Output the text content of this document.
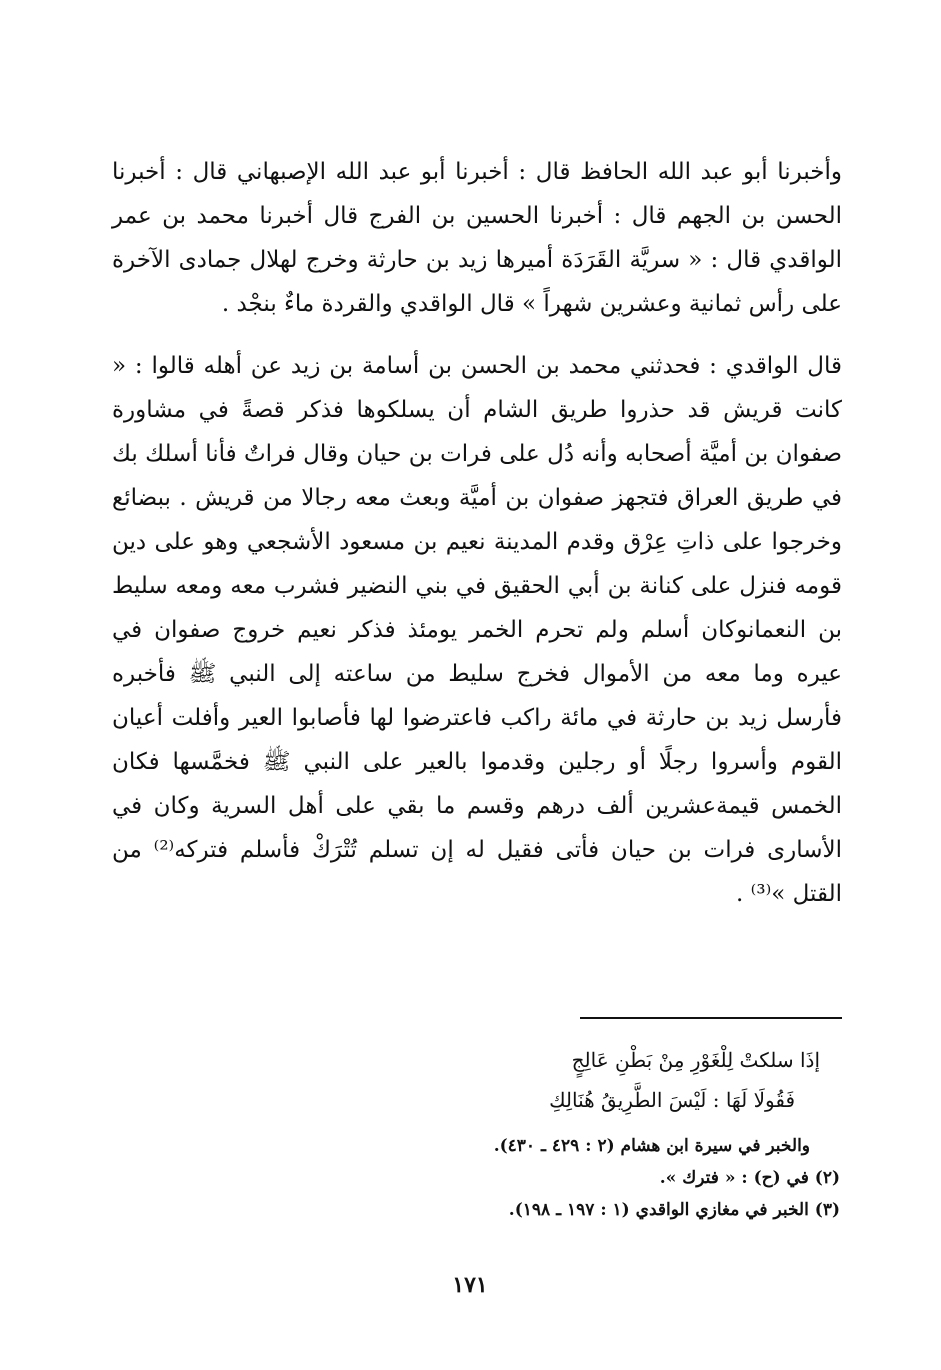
وأخبرنا أبو عبد الله الحافظ قال : أخبرنا أبو عبد الله الإصبهاني قال : أخبرنا الحسن بن الجهم قال : أخبرنا الحسين بن الفرج قال أخبرنا محمد بن عمر الواقدي قال : « سريَّة القَرَدَة أميرها زيد بن حارثة وخرج لهلال جمادى الآخرة على رأس ثمانية وعشرين شهراً » قال الواقدي والقردة ماءٌ بنجْد .

قال الواقدي : فحدثني محمد بن الحسن بن أسامة بن زيد عن أهله قالوا : « كانت قريش قد حذروا طريق الشام أن يسلكوها فذكر قصةً في مشاورة صفوان بن أميَّة أصحابه وأنه دُل على فرات بن حيان وقال فراتٌ فأنا أسلك بك في طريق العراق فتجهز صفوان بن أميَّة وبعث معه رجالا من قريش . ببضائع وخرجوا على ذاتِ عِرْق وقدم المدينة نعيم بن مسعود الأشجعي وهو على دين قومه فنزل على كنانة بن أبي الحقيق في بني النضير فشرب معه ومعه سليط بن النعمانوكان أسلم ولم تحرم الخمر يومئذ فذكر نعيم خروج صفوان في عيره وما معه من الأموال فخرج سليط من ساعته إلى النبي ﷺ فأخبره فأرسل زيد بن حارثة في مائة راكب فاعترضوا لها فأصابوا العير وأفلت أعيان القوم وأسروا رجلًا أو رجلين وقدموا بالعير على النبي ﷺ فخمَّسها فكان الخمس قيمةعشرين ألف درهم وقسم ما بقي على أهل السرية وكان في الأسارى فرات بن حيان فأتى فقيل له إن تسلم تُتْرَكْ فأسلم فتركه⁽²⁾ من القتل »⁽³⁾ .

إذَا سلكتْ لِلْغَوْرِ مِنْ بَطْنِ عَالِجٍ
فَقُولَا لَهَا : لَيْسَ الطَّرِيقُ هُنَالِكِ
والخبر في سيرة ابن هشام (٢ : ٤٢٩ ـ ٤٣٠).
(٢) في (ح) : « فترك ».
(٣) الخبر في مغازي الواقدي (١ : ١٩٧ ـ ١٩٨).
١٧١
